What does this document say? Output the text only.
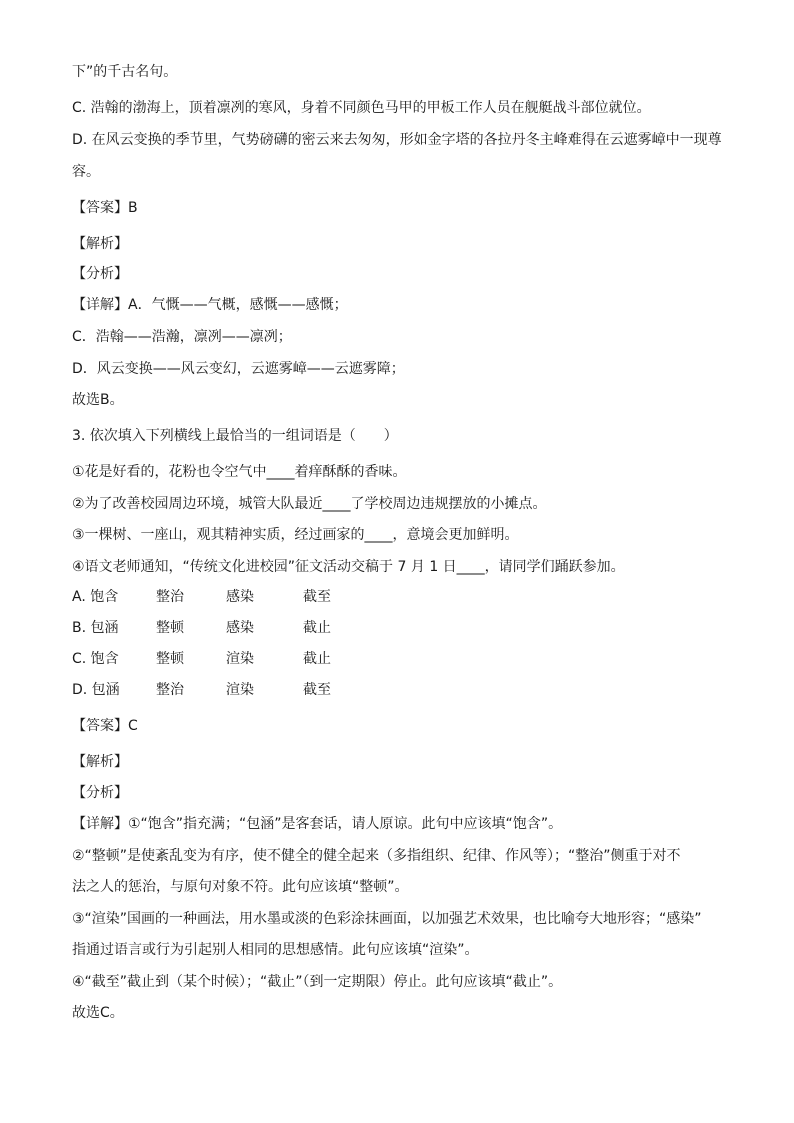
下”的千古名句。
C. 浩翰的渤海上，顶着凛冽的寒风，身着不同颜色马甲的甲板工作人员在舰艇战斗部位就位。
D. 在风云变换的季节里，气势磅礴的密云来去匆匆，形如金字塔的各拉丹冬主峰难得在云遮雾嶂中一现尊
容。
【答案】B
【解析】
【分析】
【详解】A．气慨——气概，感慨——感慨；
C．浩翰——浩瀚，凛冽——凛冽；
D．风云变换——风云变幻，云遮雾嶂——云遮雾障；
故选B。
3. 依次填入下列横线上最恰当的一组词语是（　　）
①花是好看的，花粉也令空气中____着痒酥酥的香味。
②为了改善校园周边环境，城管大队最近____了学校周边违规摆放的小摊点。
③一棵树、一座山，观其精神实质，经过画家的____，意境会更加鲜明。
④语文老师通知，“传统文化进校园”征文活动交稿于 7 月 1 日____，请同学们踊跃参加。
A. 饱含	整治	感染	截至
B. 包涵	整顿	感染	截止
C. 饱含	整顿	渲染	截止
D. 包涵	整治	渲染	截至
【答案】C
【解析】
【分析】
【详解】①“饱含”指充满；“包涵”是客套话，请人原谅。此句中应该填“饱含”。
②“整顿”是使紊乱变为有序，使不健全的健全起来（多指组织、纪律、作风等）；“整治”侧重于对不
法之人的惩治，与原句对象不符。此句应该填“整顿”。
③“渲染”国画的一种画法，用水墨或淡的色彩涂抹画面，以加强艺术效果，也比喻夸大地形容；“感染”
指通过语言或行为引起别人相同的思想感情。此句应该填“渲染”。
④“截至”截止到（某个时候）；“截止”（到一定期限）停止。此句应该填“截止”。
故选C。
